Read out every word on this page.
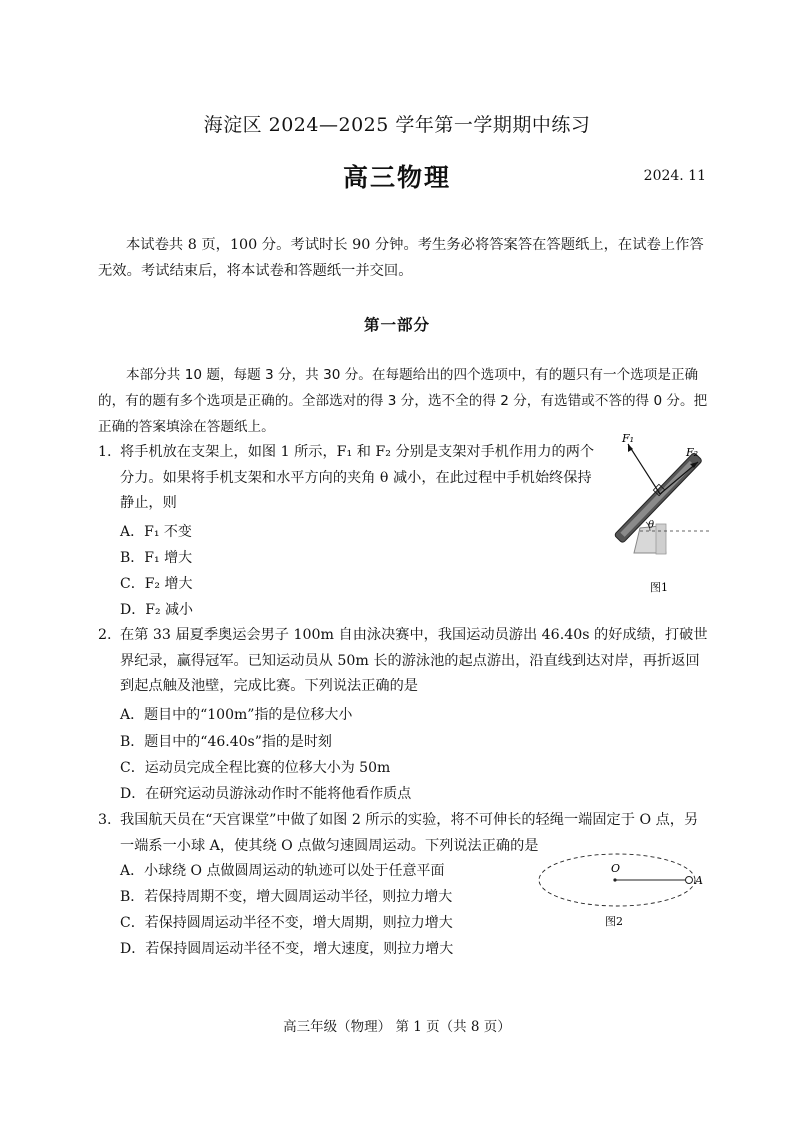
海淀区 2024—2025 学年第一学期期中练习
高三物理	2024. 11
本试卷共 8 页，100 分。考试时长 90 分钟。考生务必将答案答在答题纸上，在试卷上作答无效。考试结束后，将本试卷和答题纸一并交回。
第一部分
本部分共 10 题，每题 3 分，共 30 分。在每题给出的四个选项中，有的题只有一个选项是正确的，有的题有多个选项是正确的。全部选对的得 3 分，选不全的得 2 分，有选错或不答的得 0 分。把正确的答案填涂在答题纸上。
1. 将手机放在支架上，如图 1 所示，F₁ 和 F₂ 分别是支架对手机作用力的两个分力。如果将手机支架和水平方向的夹角 θ 减小，在此过程中手机始终保持静止，则
A．F₁ 不变
B．F₁ 增大
C．F₂ 增大
D．F₂ 减小
F₁
F₂
θ
图1
2. 在第 33 届夏季奥运会男子 100m 自由泳决赛中，我国运动员游出 46.40s 的好成绩，打破世界纪录，赢得冠军。已知运动员从 50m 长的游泳池的起点游出，沿直线到达对岸，再折返回到起点触及池壁，完成比赛。下列说法正确的是
A．题目中的“100m”指的是位移大小
B．题目中的“46.40s”指的是时刻
C．运动员完成全程比赛的位移大小为 50m
D．在研究运动员游泳动作时不能将他看作质点
3. 我国航天员在“天宫课堂”中做了如图 2 所示的实验，将不可伸长的轻绳一端固定于 O 点，另一端系一小球 A，使其绕 O 点做匀速圆周运动。下列说法正确的是
A．小球绕 O 点做圆周运动的轨迹可以处于任意平面
B．若保持周期不变，增大圆周运动半径，则拉力增大
C．若保持圆周运动半径不变，增大周期，则拉力增大
D．若保持圆周运动半径不变，增大速度，则拉力增大
O
A
图2
高三年级（物理） 第 1 页（共 8 页）
